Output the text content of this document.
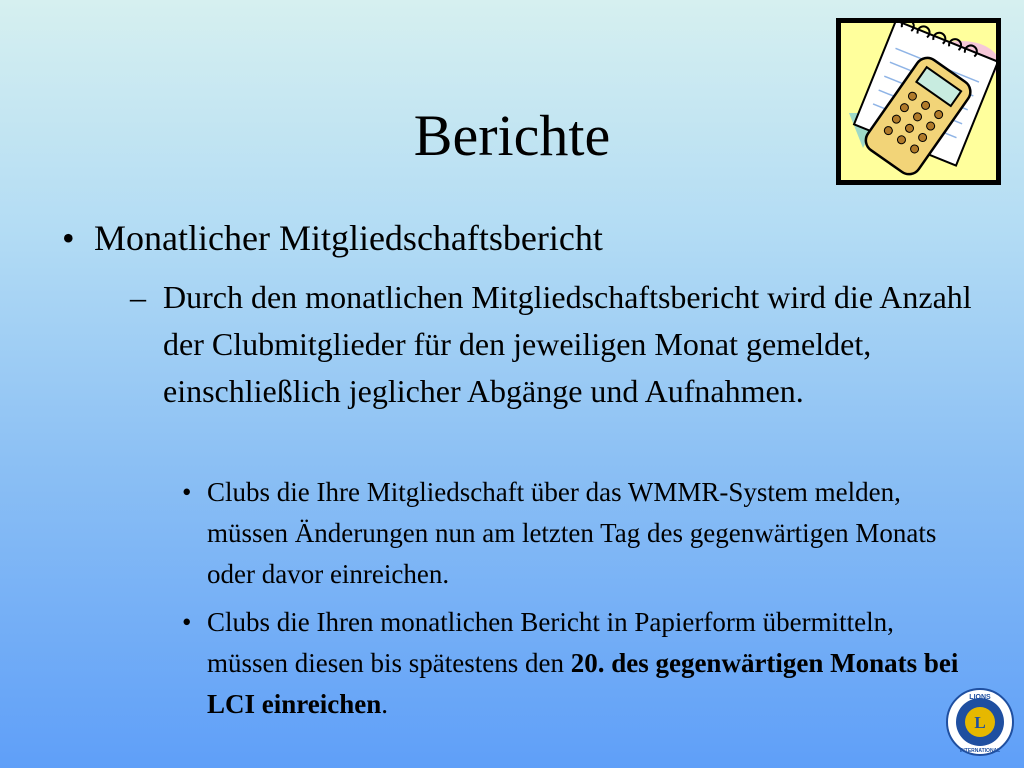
Berichte
• Monatlicher Mitgliedschaftsbericht
– Durch den monatlichen Mitgliedschaftsbericht wird die Anzahl der Clubmitglieder für den jeweiligen Monat gemeldet, einschließlich jeglicher Abgänge und Aufnahmen.
• Clubs die Ihre Mitgliedschaft über das WMMR-System melden, müssen Änderungen nun am letzten Tag des gegenwärtigen Monats oder davor einreichen.
• Clubs die Ihren monatlichen Bericht in Papierform übermitteln, müssen diesen bis spätestens den 20. des gegenwärtigen Monats bei LCI einreichen.
L
LIONS
INTERNATIONAL
